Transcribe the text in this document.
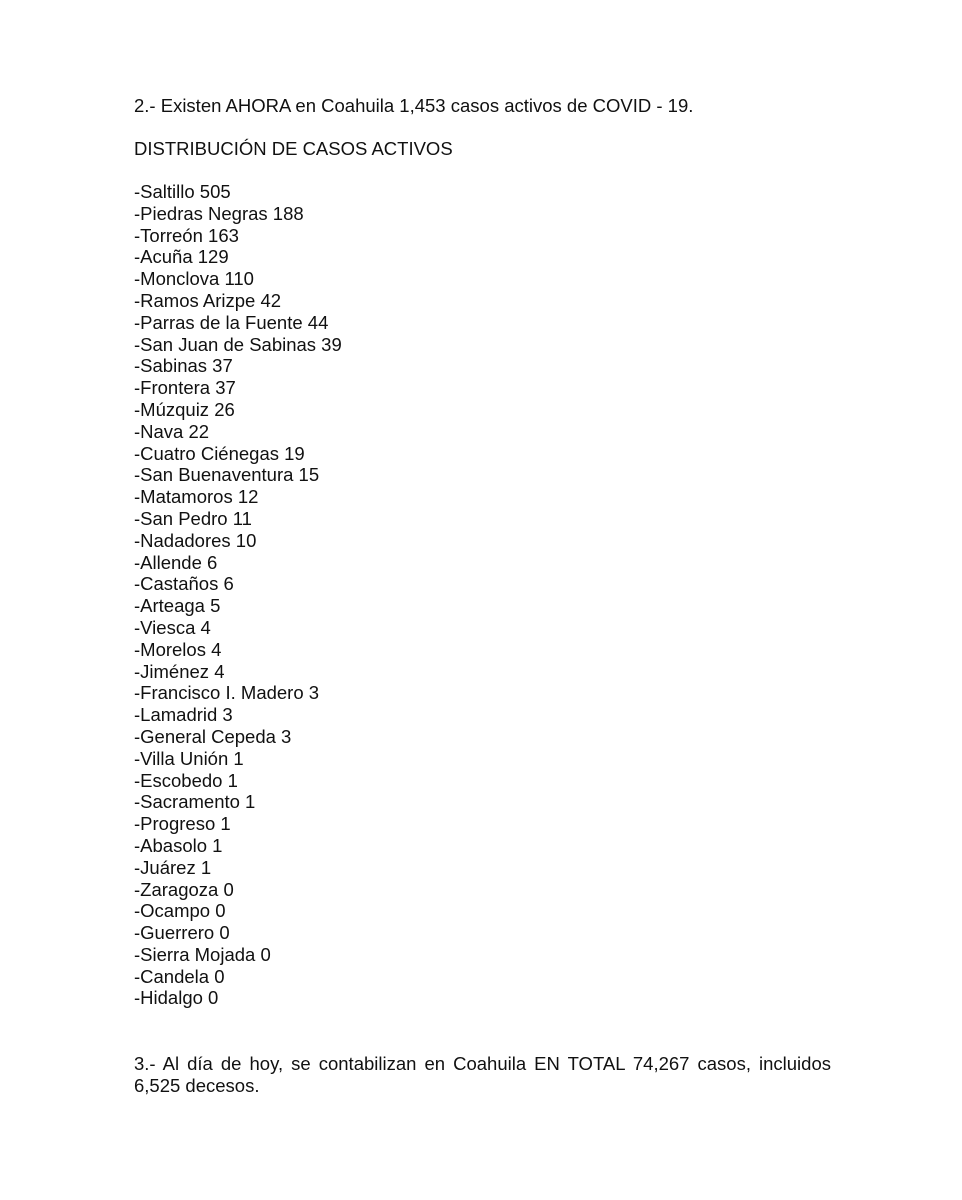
2.- Existen AHORA en Coahuila 1,453 casos activos de COVID - 19.

DISTRIBUCIÓN DE CASOS ACTIVOS

-Saltillo 505
-Piedras Negras 188
-Torreón 163
-Acuña 129
-Monclova 110
-Ramos Arizpe 42
-Parras de la Fuente 44
-San Juan de Sabinas 39
-Sabinas 37
-Frontera 37
-Múzquiz 26
-Nava 22
-Cuatro Ciénegas 19
-San Buenaventura 15
-Matamoros 12
-San Pedro 11
-Nadadores 10
-Allende 6
-Castaños 6
-Arteaga 5
-Viesca 4
-Morelos 4
-Jiménez 4
-Francisco I. Madero 3
-Lamadrid 3
-General Cepeda 3
-Villa Unión 1
-Escobedo 1
-Sacramento 1
-Progreso 1
-Abasolo 1
-Juárez 1
-Zaragoza 0
-Ocampo 0
-Guerrero 0
-Sierra Mojada 0
-Candela 0
-Hidalgo 0

3.- Al día de hoy, se contabilizan en Coahuila EN TOTAL 74,267 casos, incluidos 6,525 decesos.
